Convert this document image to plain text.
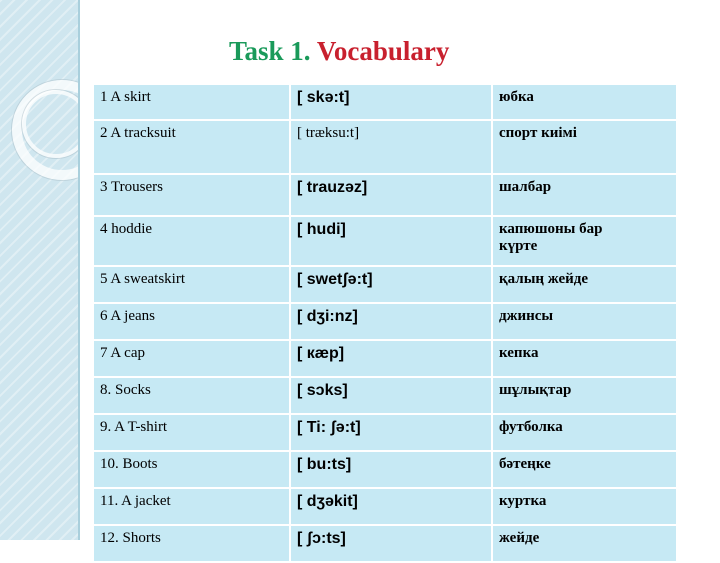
Task 1. Vocabulary
1 A skirt	[ skə:t]	юбка
2 A tracksuit	[ træksu:t]	спорт киімі
3 Trousers	[ trauzəz]	шалбар
4 hoddie	[ hudi]	капюшоны бар күрте
5 A sweatskirt	[ swetʃə:t]	қалың жейде
6 A jeans	[ dʒi:nz]	джинсы
7 A cap	[ кæр]	кепка
8. Socks	[ sɔks]	шұлықтар
9. A T-shirt	[ Ti: ʃə:t]	футболка
10. Boots	[ bu:ts]	бәтеңке
11. A jacket	[ dʒəkit]	куртка
12. Shorts	[ ʃɔ:ts]	жейде
